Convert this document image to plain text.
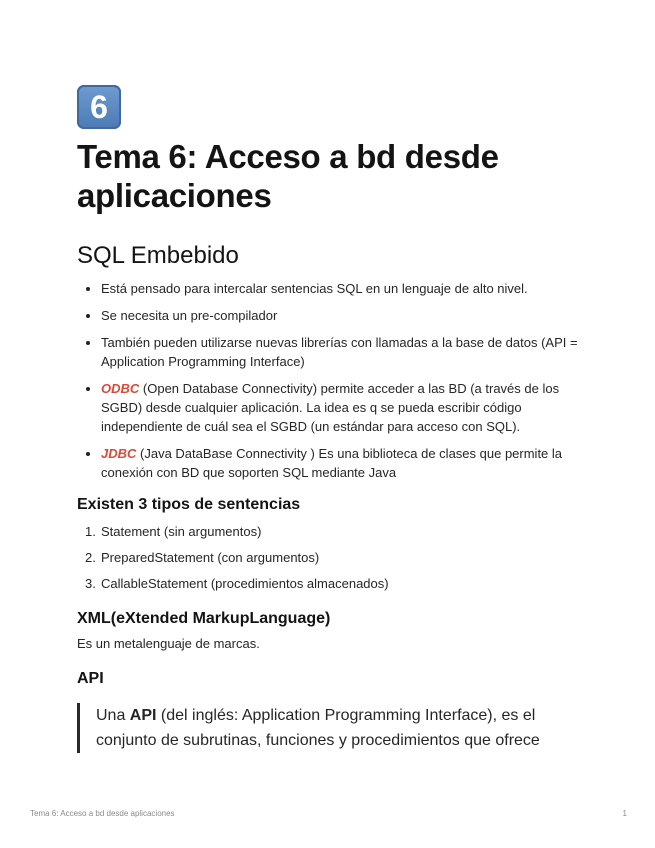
6
Tema 6: Acceso a bd desde aplicaciones
SQL Embebido
Está pensado para intercalar sentencias SQL en un lenguaje de alto nivel.
Se necesita un pre-compilador
También pueden utilizarse nuevas librerías con llamadas a la base de datos (API = Application Programming Interface)
ODBC (Open Database Connectivity) permite acceder a las BD (a través de los SGBD) desde cualquier aplicación. La idea es q se pueda escribir código independiente de cuál sea el SGBD (un estándar para acceso con SQL).
JDBC (Java DataBase Connectivity ) Es una biblioteca de clases que permite la conexión con BD que soporten SQL mediante Java
Existen 3 tipos de sentencias
1. Statement (sin argumentos)
2. PreparedStatement (con argumentos)
3. CallableStatement (procedimientos almacenados)
XML(eXtended MarkupLanguage)

Es un metalenguaje de marcas.

API
Una API (del inglés: Application Programming Interface), es el conjunto de subrutinas, funciones y procedimientos que ofrece
Tema 6: Acceso a bd desde aplicaciones	1
